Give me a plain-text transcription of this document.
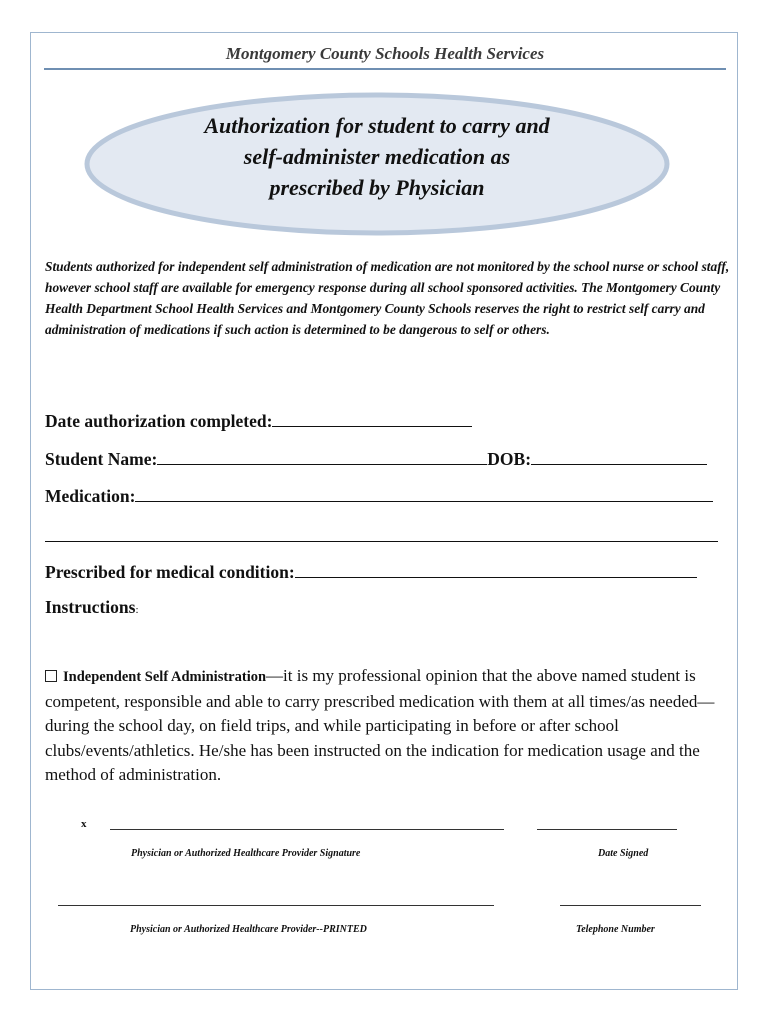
Montgomery County Schools Health Services
Authorization for student to carry and
self-administer medication as
prescribed by Physician
Students authorized for independent self administration of medication are not monitored by the school nurse or school staff, however school staff are available for emergency response during all school sponsored activities. The Montgomery County Health Department School Health Services and Montgomery County Schools reserves the right to restrict self carry and administration of medications if such action is determined to be dangerous to self or others.
Date authorization completed:
Student Name:	DOB:
Medication:
Prescribed for medical condition:
Instructions:
Independent Self Administration—it is my professional opinion that the above named student is competent, responsible and able to carry prescribed medication with them at all times/as needed—during the school day, on field trips, and while participating in before or after school clubs/events/athletics. He/she has been instructed on the indication for medication usage and the method of administration.
x
Physician or Authorized Healthcare Provider Signature	Date Signed
Physician or Authorized Healthcare Provider--PRINTED	Telephone Number
